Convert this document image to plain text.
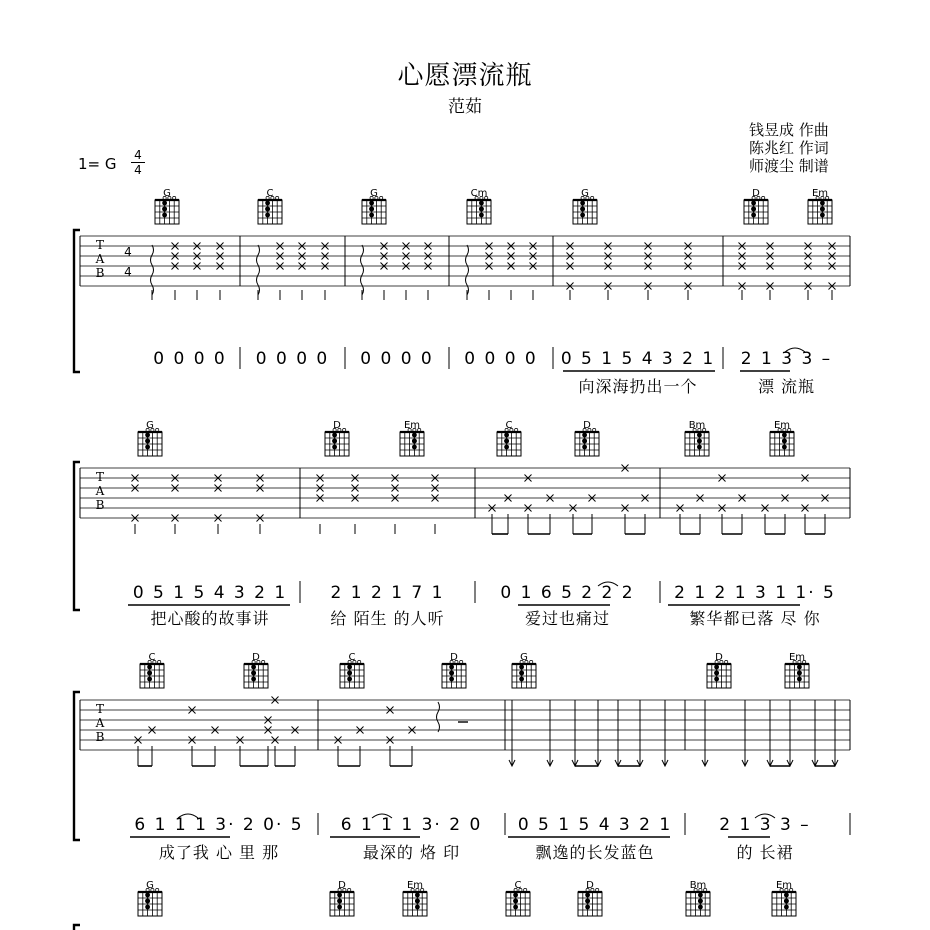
心愿漂流瓶
范茹
钱昱成 作曲
陈兆红 作词
师渡尘 制谱
1= G 4
4
G	C	G	Cm	G	D	Em
T
A
B
4
4
0 0 0 0 0 0 0 0 0 0 0 0 0 0 0 0 0 5 1 5 4 3 2 1
向深海扔出一个
2 1 3 3 –
漂 流瓶
G	D	Em	C	D	Bm	Em
T
A
B
0 5 1 5 4 3 2 1
把心酸的故事讲
2 1 2 1 7 1
给 陌生 的人听
0 1 6 5 2 2 2
爱过也痛过
2 1 2 1 3 1 1· 5
繁华都已落 尽 你
C	D	C	D	G	D	Em
T
A
B
6 1 1 1 3· 2 0· 5
成了我 心 里 那
6 1 1 1 3· 2 0
最深的 烙 印
0 5 1 5 4 3 2 1
飘逸的长发蓝色
2 1 3 3 –
的 长裙
G	D	Em	C	D	Bm	Em
